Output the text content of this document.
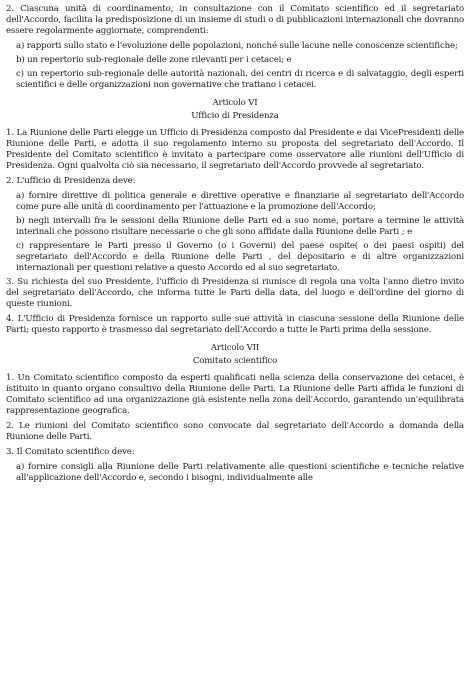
2. Ciascuna unità di coordinamento, in consultazione con il Comitato scientifico ed il segretariato dell'Accordo, facilita la predisposizione di un insieme di studi o di pubblicazioni internazionali che dovranno essere regolarmente aggiornate, comprendenti:

a) rapporti sullo stato e l'evoluzione delle popolazioni, nonché sulle lacune nelle conoscenze scientifiche;

b) un repertorio sub-regionale delle zone rilevanti per i cetacei; e

c) un repertorio sub-regionale delle autorità nazionali, dei centri di ricerca e di salvataggio, degli esperti scientifici e delle organizzazioni non governative che trattano i cetacei.

Articolo VI

Ufficio di Presidenza

1. La Riunione delle Parti elegge un Ufficio di Presidenza composto dal Presidente e dai VicePresidenti delle Riunione delle Parti, e adotta il suo regolamento interno su proposta del segretariato dell'Accordo. Il Presidente del Comitato scientifico è invitato a partecipare come osservatore alle riunioni dell'Ufficio di Presidenza. Ogni qualvolta ciò sia necessario, il segretariato dell'Accordo provvede al segretariato.

2. L'ufficio di Presidenza deve:

a) fornire direttive di politica generale e direttive operative e finanziarie al segretariato dell'Accordo come pure alle unità di coordinamento per l'attuazione e la promozione dell'Accordo;

b) negli intervalli fra le sessioni della Riunione delle Parti ed a suo nome, portare a termine le attività interinali che possono risultare necessarie o che gli sono affidate dalla Riunione delle Parti ; e

c) rappresentare le Parti presso il Governo (o i Governi) del paese ospite( o dei paesi ospiti) del segretariato dell'Accordo e della Riunione delle Parti , del depositario e di altre organizzazioni internazionali per questioni relative a questo Accordo ed al suo segretariato.

3. Su richiesta del suo Presidente, l'ufficio di Presidenza si riunisce di regola una volta l'anno dietro invito del segretariato dell'Accordo, che informa tutte le Parti della data, del luogo e dell'ordine del giorno di queste riunioni.

4. L'Ufficio di Presidenza fornisce un rapporto sulle sue attività in ciascuna sessione della Riunione delle Parti; questo rapporto è trasmesso dal segretariato dell'Accordo a tutte le Parti prima della sessione.

Articolo VII

Comitato scientifico

1. Un Comitato scientifico composto da esperti qualificati nella scienza della conservazione dei cetacei, è istituito in quanto organo consultivo della Riunione delle Parti. La Riunione delle Parti affida le funzioni di Comitato scientifico ad una organizzazione già esistente nella zona dell'Accordo, garantendo un'equilibrata rappresentazione geografica.

2. Le riunioni del Comitato scientifico sono convocate dal segretariato dell'Accordo a domanda della Riunione delle Parti.

3. Il Comitato scientifico deve:

a) fornire consigli alla Riunione delle Parti relativamente alle questioni scientifiche e tecniche relative all'applicazione dell'Accordo e, secondo i bisogni, individualmente alle
